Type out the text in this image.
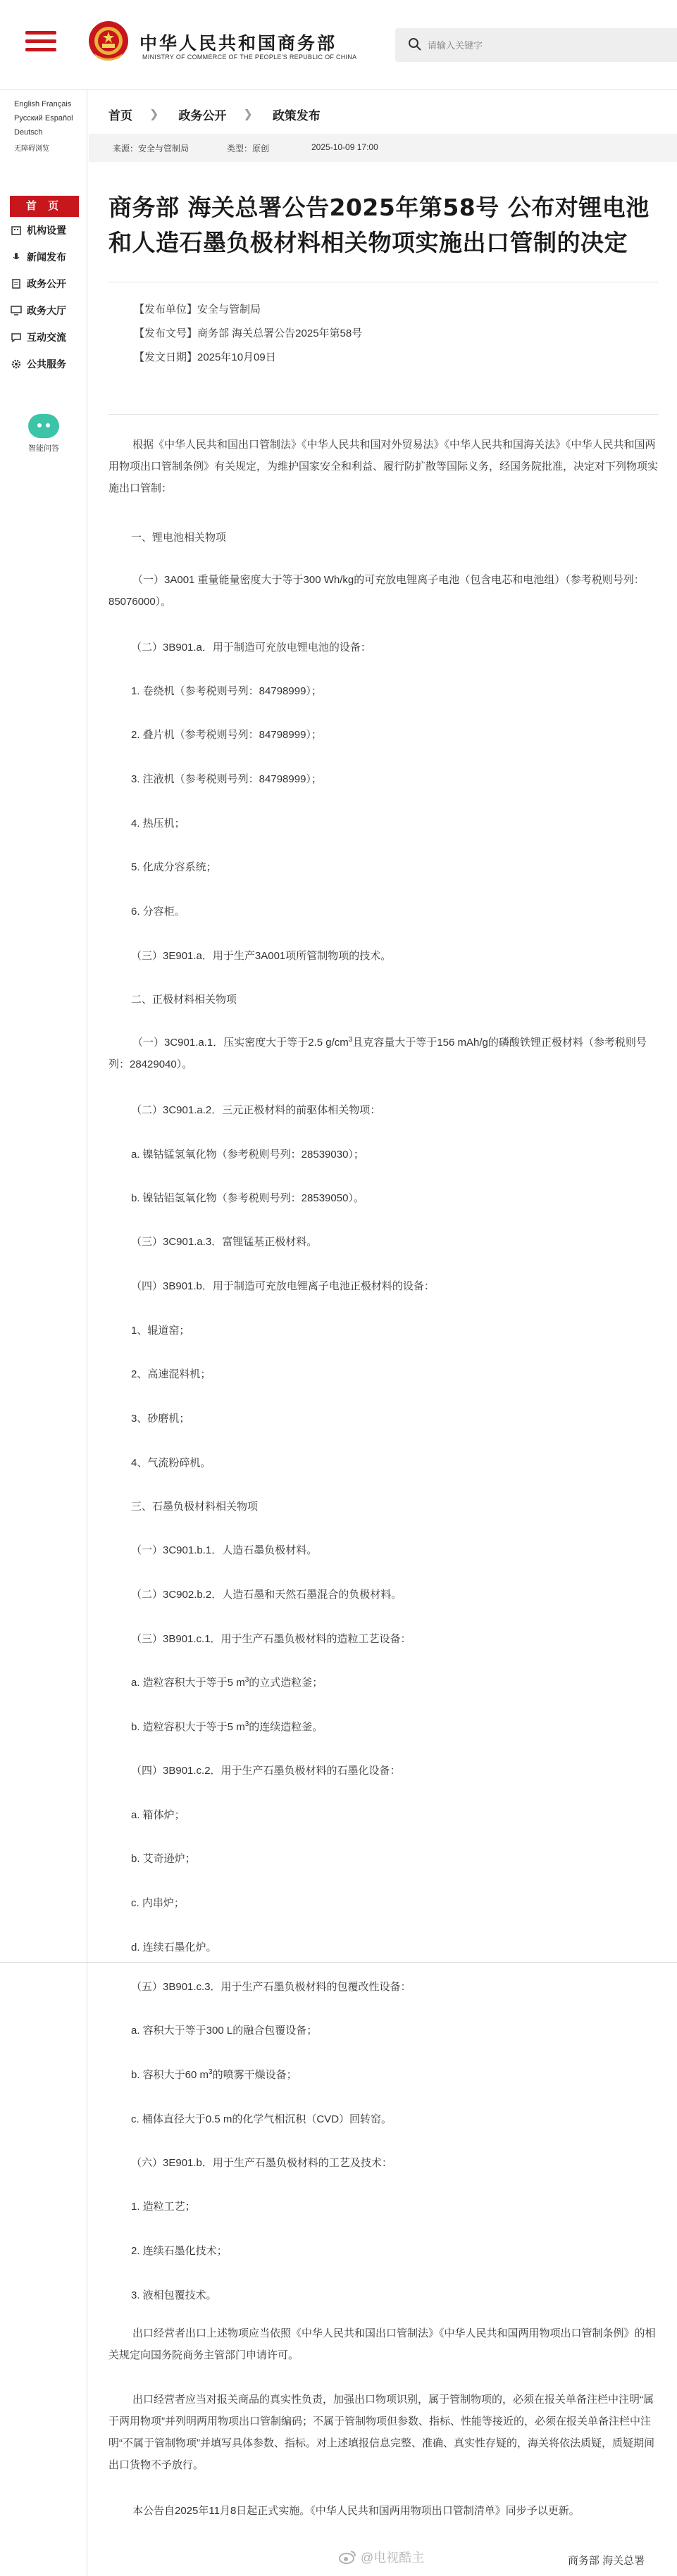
中华人民共和国商务部
MINISTRY OF COMMERCE OF THE PEOPLE'S REPUBLIC OF CHINA
请输入关键字
English Français
Русский Español
Deutsch
无障碍浏览
首 页
机构设置
新闻发布
政务公开
政务大厅
互动交流
公共服务
智能问答
首页 ❯ 政务公开 ❯ 政策发布
来源：安全与管制局	类型：原创	2025-10-09 17:00
商务部 海关总署公告2025年第58号 公布对锂电池
和人造石墨负极材料相关物项实施出口管制的决定
【发布单位】安全与管制局
【发布文号】商务部 海关总署公告2025年第58号
【发文日期】2025年10月09日
根据《中华人民共和国出口管制法》《中华人民共和国对外贸易法》《中华人民共和国海关法》《中华人民共和国两用物项出口管制条例》有关规定，为维护国家安全和利益、履行防扩散等国际义务，经国务院批准，决定对下列物项实施出口管制：
一、锂电池相关物项
（一）3A001 重量能量密度大于等于300 Wh/kg的可充放电锂离子电池（包含电芯和电池组）（参考税则号列：85076000）。
（二）3B901.a．用于制造可充放电锂电池的设备：
1. 卷绕机（参考税则号列：84798999）；
2. 叠片机（参考税则号列：84798999）；
3. 注液机（参考税则号列：84798999）；
4. 热压机；
5. 化成分容系统；
6. 分容柜。
（三）3E901.a．用于生产3A001项所管制物项的技术。
二、正极材料相关物项
（一）3C901.a.1．压实密度大于等于2.5 $g/cm^3$且克容量大于等于156 mAh/g的磷酸铁锂正极材料（参考税则号列：28429040）。
（二）3C901.a.2．三元正极材料的前驱体相关物项：
a. 镍钴锰氢氧化物（参考税则号列：28539030）；
b. 镍钴铝氢氧化物（参考税则号列：28539050）。
（三）3C901.a.3．富锂锰基正极材料。
（四）3B901.b．用于制造可充放电锂离子电池正极材料的设备：
1、辊道窑；
2、高速混料机；
3、砂磨机；
4、气流粉碎机。
三、石墨负极材料相关物项
（一）3C901.b.1．人造石墨负极材料。
（二）3C902.b.2．人造石墨和天然石墨混合的负极材料。
（三）3B901.c.1．用于生产石墨负极材料的造粒工艺设备：
a. 造粒容积大于等于5 $m^3$的立式造粒釜；
b. 造粒容积大于等于5 $m^3$的连续造粒釜。
（四）3B901.c.2．用于生产石墨负极材料的石墨化设备：
a. 箱体炉；
b. 艾奇逊炉；
c. 内串炉；
d. 连续石墨化炉。
（五）3B901.c.3．用于生产石墨负极材料的包覆改性设备：
a. 容积大于等于300 L的融合包覆设备；
b. 容积大于60 $m^3$的喷雾干燥设备；
c. 桶体直径大于0.5 m的化学气相沉积（CVD）回转窑。
（六）3E901.b．用于生产石墨负极材料的工艺及技术：
1. 造粒工艺；
2. 连续石墨化技术；
3. 液相包覆技术。
出口经营者出口上述物项应当依照《中华人民共和国出口管制法》《中华人民共和国两用物项出口管制条例》的相关规定向国务院商务主管部门申请许可。
出口经营者应当对报关商品的真实性负责，加强出口物项识别，属于管制物项的，必须在报关单备注栏中注明“属于两用物项”并列明两用物项出口管制编码；不属于管制物项但参数、指标、性能等接近的，必须在报关单备注栏中注明“不属于管制物项”并填写具体参数、指标。对上述填报信息完整、准确、真实性存疑的，海关将依法质疑，质疑期间出口货物不予放行。
本公告自2025年11月8日起正式实施。《中华人民共和国两用物项出口管制清单》同步予以更新。
@电视酷主	商务部 海关总署
